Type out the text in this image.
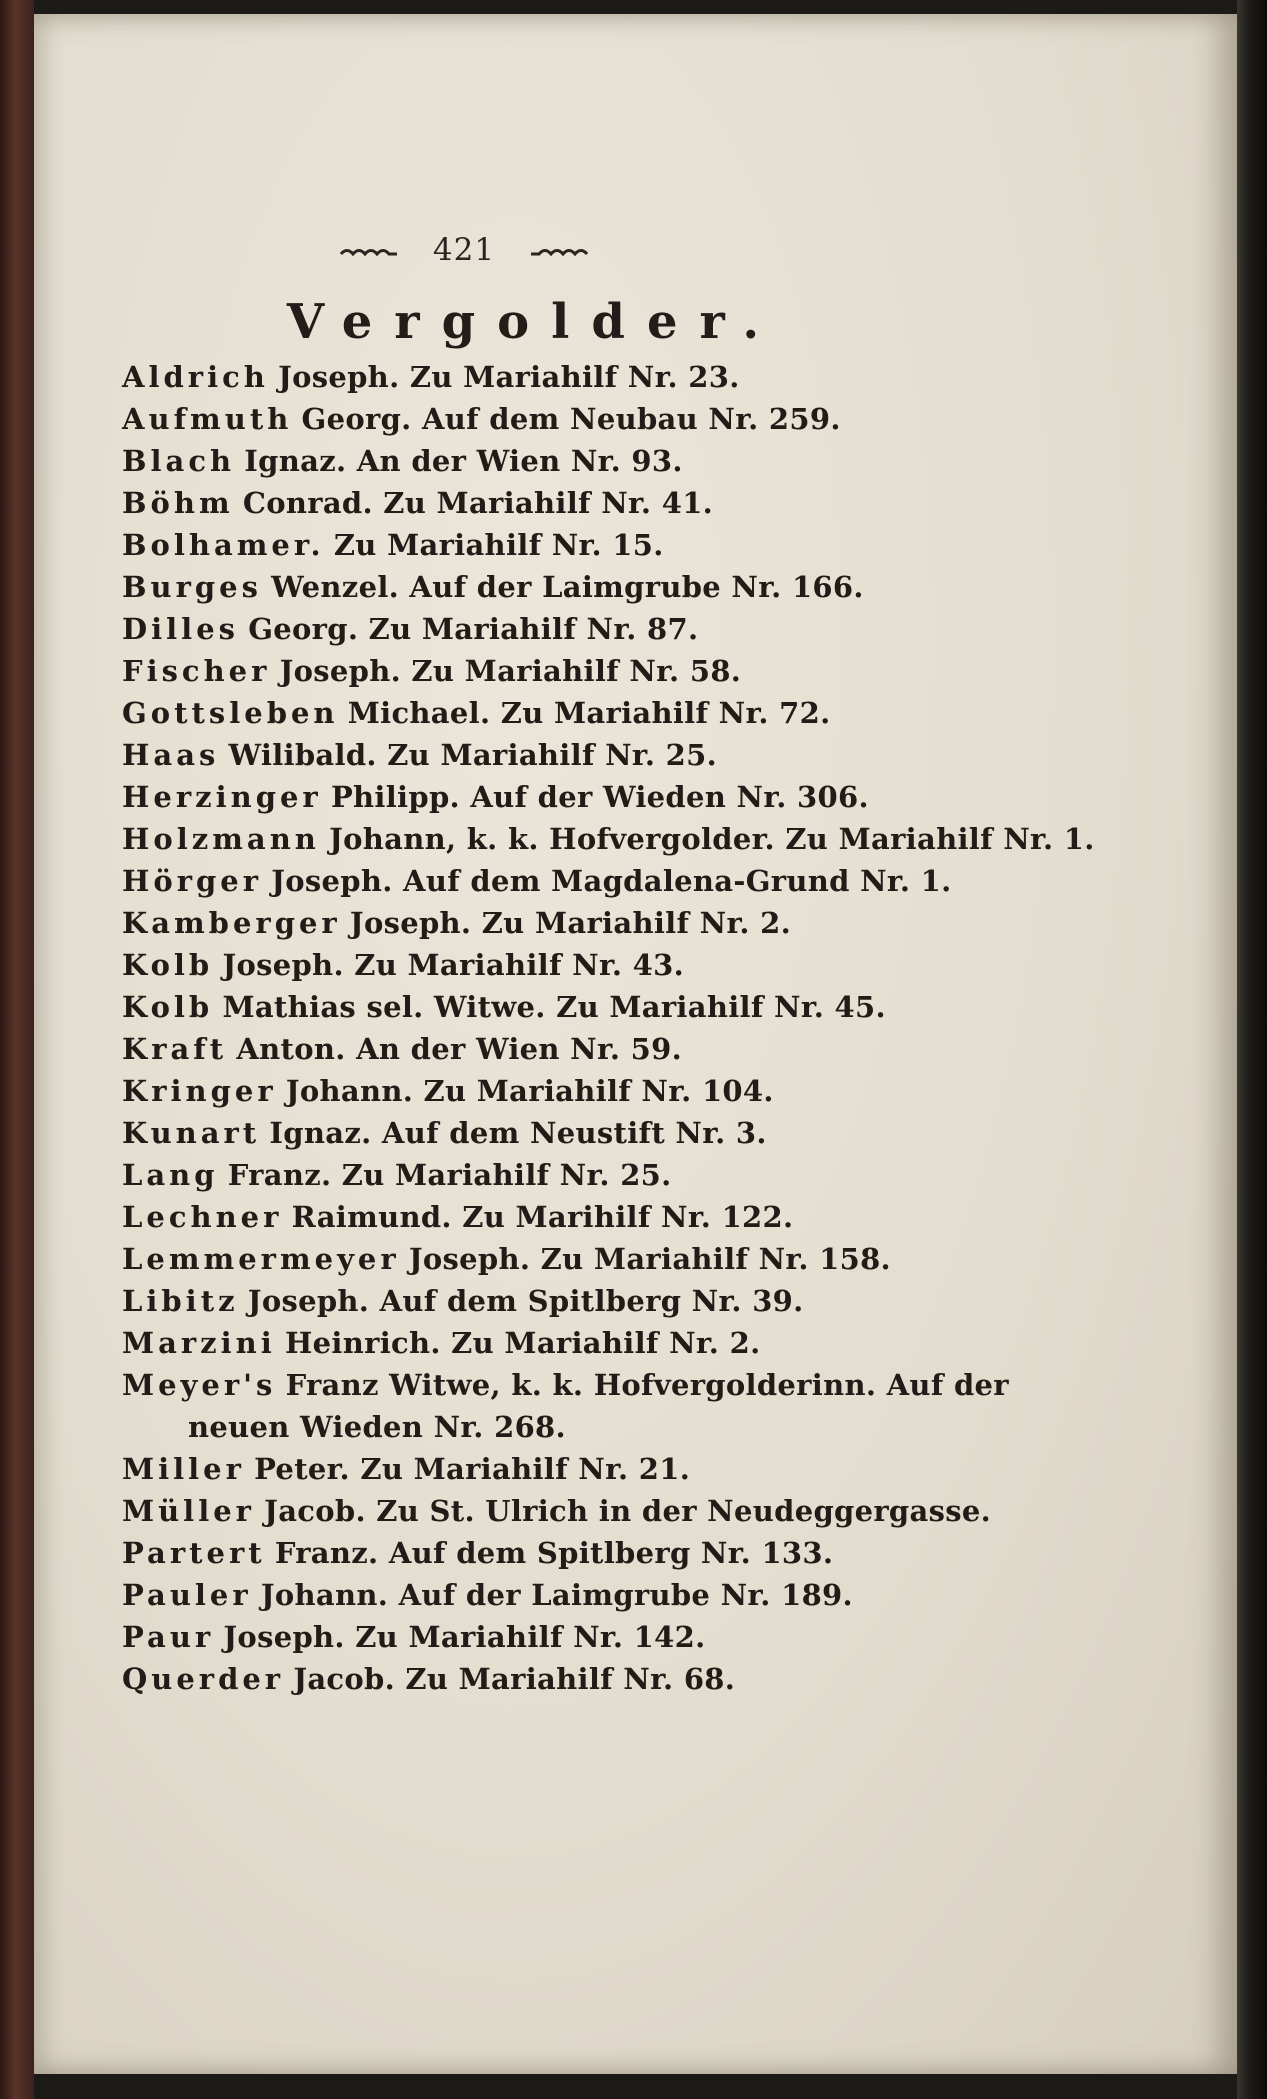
421
Vergolder.
Aldrich Joseph. Zu Mariahilf Nr. 23.
Aufmuth Georg. Auf dem Neubau Nr. 259.
Blach Ignaz. An der Wien Nr. 93.
Böhm Conrad. Zu Mariahilf Nr. 41.
Bolhamer. Zu Mariahilf Nr. 15.
Burges Wenzel. Auf der Laimgrube Nr. 166.
Dilles Georg. Zu Mariahilf Nr. 87.
Fischer Joseph. Zu Mariahilf Nr. 58.
Gottsleben Michael. Zu Mariahilf Nr. 72.
Haas Wilibald. Zu Mariahilf Nr. 25.
Herzinger Philipp. Auf der Wieden Nr. 306.
Holzmann Johann, k. k. Hofvergolder. Zu Mariahilf Nr. 1.
Hörger Joseph. Auf dem Magdalena-Grund Nr. 1.
Kamberger Joseph. Zu Mariahilf Nr. 2.
Kolb Joseph. Zu Mariahilf Nr. 43.
Kolb Mathias sel. Witwe. Zu Mariahilf Nr. 45.
Kraft Anton. An der Wien Nr. 59.
Kringer Johann. Zu Mariahilf Nr. 104.
Kunart Ignaz. Auf dem Neustift Nr. 3.
Lang Franz. Zu Mariahilf Nr. 25.
Lechner Raimund. Zu Marihilf Nr. 122.
Lemmermeyer Joseph. Zu Mariahilf Nr. 158.
Libitz Joseph. Auf dem Spitlberg Nr. 39.
Marzini Heinrich. Zu Mariahilf Nr. 2.
Meyer's Franz Witwe, k. k. Hofvergolderinn. Auf der neuen Wieden Nr. 268.
Miller Peter. Zu Mariahilf Nr. 21.
Müller Jacob. Zu St. Ulrich in der Neudeggergasse.
Partert Franz. Auf dem Spitlberg Nr. 133.
Pauler Johann. Auf der Laimgrube Nr. 189.
Paur Joseph. Zu Mariahilf Nr. 142.
Querder Jacob. Zu Mariahilf Nr. 68.
